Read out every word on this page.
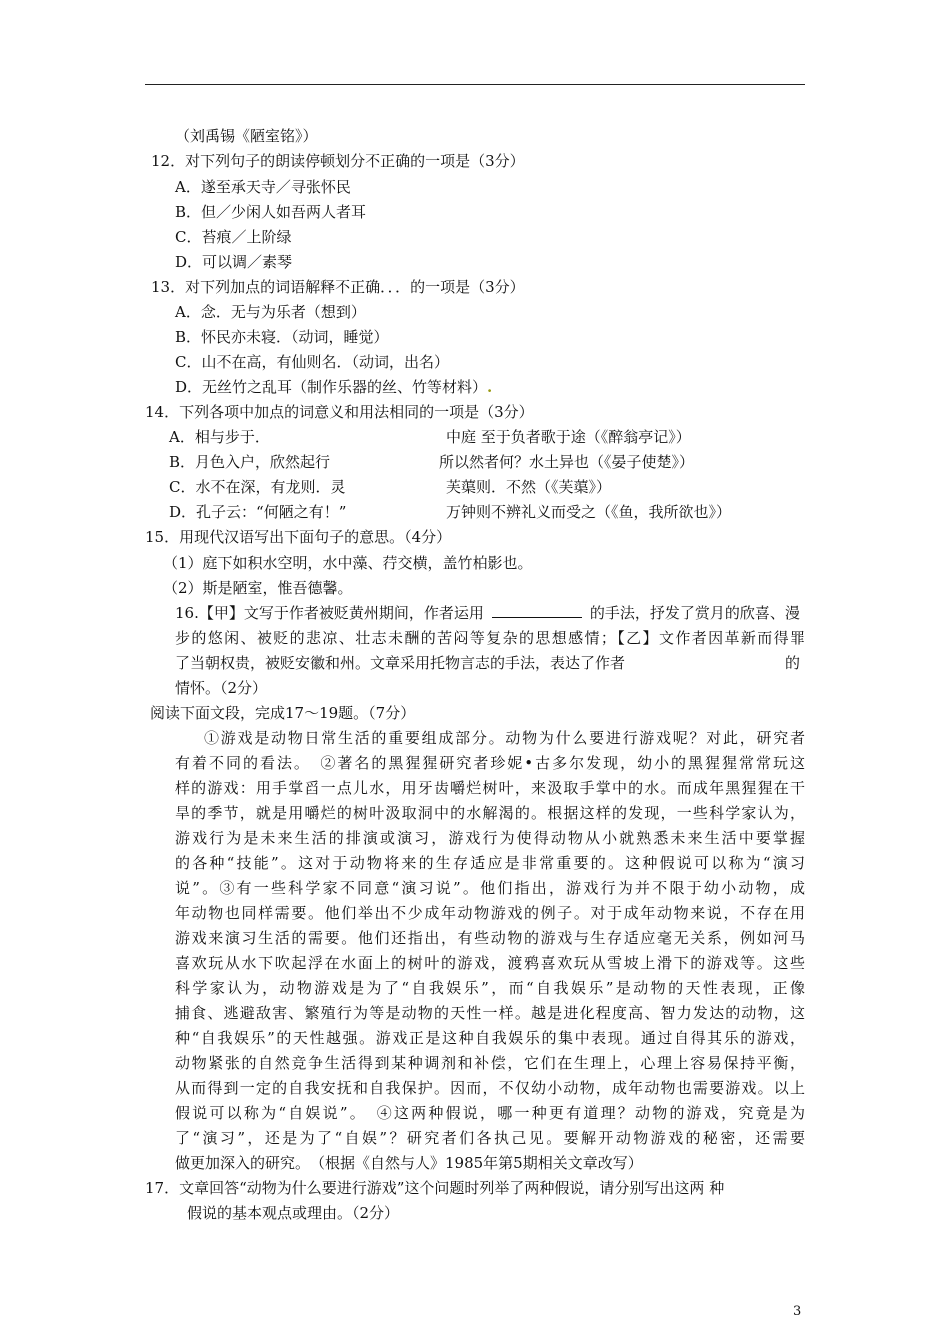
（刘禹锡《陋室铭》）
12．对下列句子的朗读停顿划分不正确的一项是（3分）
A．遂至承天寺／寻张怀民
B．但／少闲人如吾两人者耳
C．苔痕／上阶绿
D．可以调／素琴
13．对下列加点的词语解释不正确．．．的一项是（3分）
A．念．无与为乐者（想到）
B．怀民亦未寝．（动词，睡觉）
C．山不在高，有仙则名．（动词，出名）
D．无丝竹之乱耳（制作乐器的丝、竹等材料）.
14．下列各项中加点的词意义和用法相同的一项是（3分）
A．相与步于．	中庭 至于负者歌于途（《醉翁亭记》）
B．月色入户，欣然起行	所以然者何？水土异也（《晏子使楚》）
C．水不在深，有龙则．灵	芙蕖则．不然（《芙蕖》）
D．孔子云：“何陋之有！”	万钟则不辨礼义而受之（《鱼，我所欲也》）
15．用现代汉语写出下面句子的意思。（4分）
（1）庭下如积水空明，水中藻、荇交横，盖竹柏影也。
（2）斯是陋室，惟吾德馨。
16.【甲】文写于作者被贬黄州期间，作者运用	的手法，抒发了赏月的欣喜、漫
步的悠闲、被贬的悲凉、壮志未酬的苦闷等复杂的思想感情；【乙】文作者因革新而得罪
了当朝权贵，被贬安徽和州。文章采用托物言志的手法，表达了作者	的
情怀。（2分）
阅读下面文段，完成17～19题。（7分）
①游戏是动物日常生活的重要组成部分。动物为什么要进行游戏呢？对此，研究者
有着不同的看法。　②著名的黑猩猩研究者珍妮•古多尔发现，幼小的黑猩猩常常玩这
样的游戏：用手掌舀一点儿水，用牙齿嚼烂树叶，来汲取手掌中的水。而成年黑猩猩在干
旱的季节，就是用嚼烂的树叶汲取洞中的水解渴的。根据这样的发现，一些科学家认为，
游戏行为是未来生活的排演或演习，游戏行为使得动物从小就熟悉未来生活中要掌握
的各种“技能”。这对于动物将来的生存适应是非常重要的。这种假说可以称为“演习
说”。③有一些科学家不同意“演习说”。他们指出，游戏行为并不限于幼小动物，成
年动物也同样需要。他们举出不少成年动物游戏的例子。对于成年动物来说，不存在用
游戏来演习生活的需要。他们还指出，有些动物的游戏与生存适应毫无关系，例如河马
喜欢玩从水下吹起浮在水面上的树叶的游戏，渡鸦喜欢玩从雪坡上滑下的游戏等。这些
科学家认为，动物游戏是为了“自我娱乐”，而“自我娱乐”是动物的天性表现，正像
捕食、逃避敌害、繁殖行为等是动物的天性一样。越是进化程度高、智力发达的动物，这
种“自我娱乐”的天性越强。游戏正是这种自我娱乐的集中表现。通过自得其乐的游戏，
动物紧张的自然竞争生活得到某种调剂和补偿，它们在生理上，心理上容易保持平衡，
从而得到一定的自我安抚和自我保护。因而，不仅幼小动物，成年动物也需要游戏。以上
假说可以称为“自娱说”。　④这两种假说，哪一种更有道理？动物的游戏，究竟是为
了“演习”，还是为了“自娱”？研究者们各执己见。要解开动物游戏的秘密，还需要
做更加深入的研究。　（根据《自然与人》1985年第5期相关文章改写）
17．文章回答“动物为什么要进行游戏”这个问题时列举了两种假说，请分别写出这两 种
假说的基本观点或理由。（2分）
3
